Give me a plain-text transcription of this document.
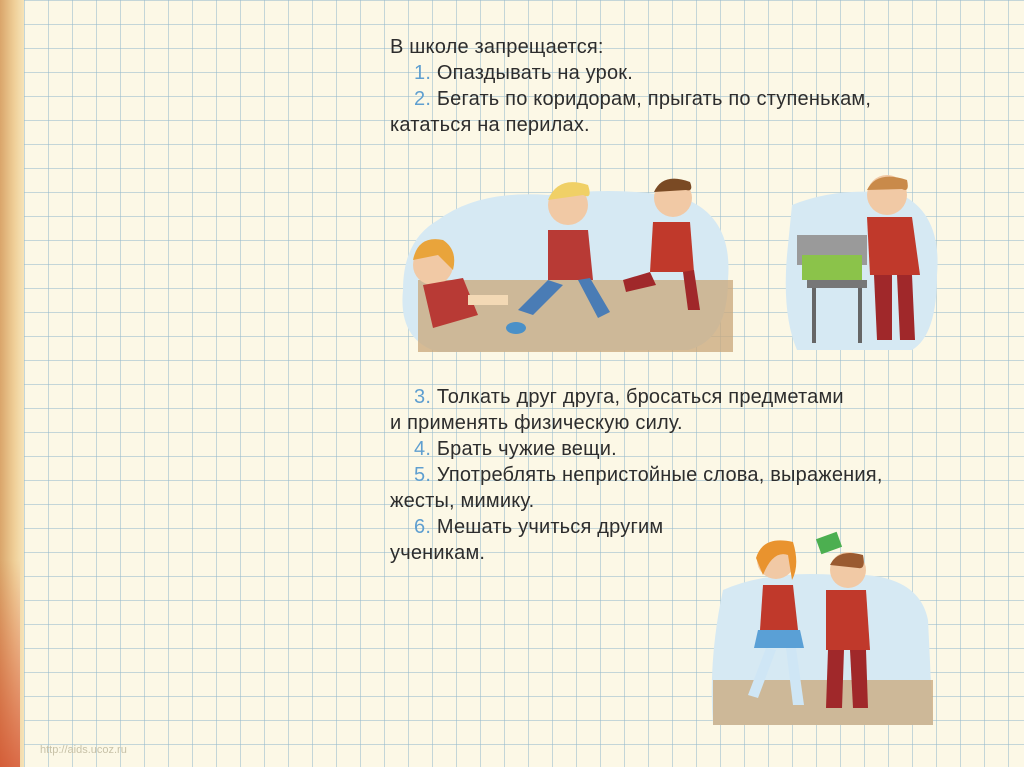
В школе запрещается:

1. Опаздывать на урок.

2. Бегать по коридорам, прыгать по ступенькам,

кататься на перилах.

3. Толкать друг друга, бросаться предметами

и применять физическую силу.

4. Брать чужие вещи.

5. Употреблять непристойные слова, выражения,

жесты, мимику.

6. Мешать учиться другим

ученикам.

http://aids.ucoz.ru
